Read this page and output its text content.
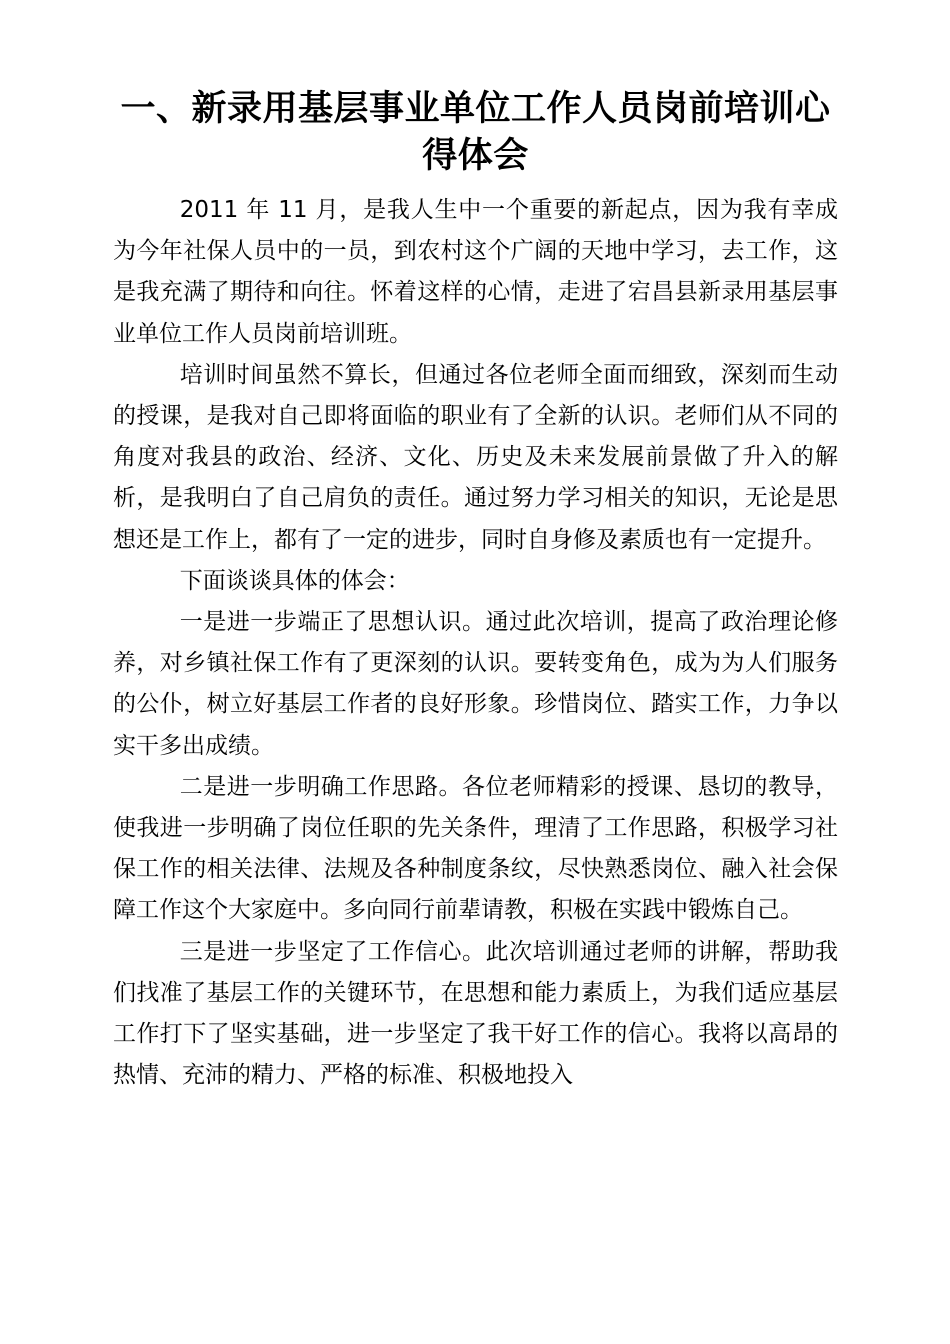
一、新录用基层事业单位工作人员岗前培训心得体会

2011 年 11 月，是我人生中一个重要的新起点，因为我有幸成为今年社保人员中的一员，到农村这个广阔的天地中学习，去工作，这是我充满了期待和向往。怀着这样的心情，走进了宕昌县新录用基层事业单位工作人员岗前培训班。

培训时间虽然不算长，但通过各位老师全面而细致，深刻而生动的授课，是我对自己即将面临的职业有了全新的认识。老师们从不同的角度对我县的政治、经济、文化、历史及未来发展前景做了升入的解析，是我明白了自己肩负的责任。通过努力学习相关的知识，无论是思想还是工作上，都有了一定的进步，同时自身修及素质也有一定提升。

下面谈谈具体的体会：

一是进一步端正了思想认识。通过此次培训，提高了政治理论修养，对乡镇社保工作有了更深刻的认识。要转变角色，成为为人们服务的公仆，树立好基层工作者的良好形象。珍惜岗位、踏实工作，力争以实干多出成绩。

二是进一步明确工作思路。各位老师精彩的授课、恳切的教导，使我进一步明确了岗位任职的先关条件，理清了工作思路，积极学习社保工作的相关法律、法规及各种制度条纹，尽快熟悉岗位、融入社会保障工作这个大家庭中。多向同行前辈请教，积极在实践中锻炼自己。

三是进一步坚定了工作信心。此次培训通过老师的讲解，帮助我们找准了基层工作的关键环节，在思想和能力素质上，为我们适应基层工作打下了坚实基础，进一步坚定了我干好工作的信心。我将以高昂的热情、充沛的精力、严格的标准、积极地投入
